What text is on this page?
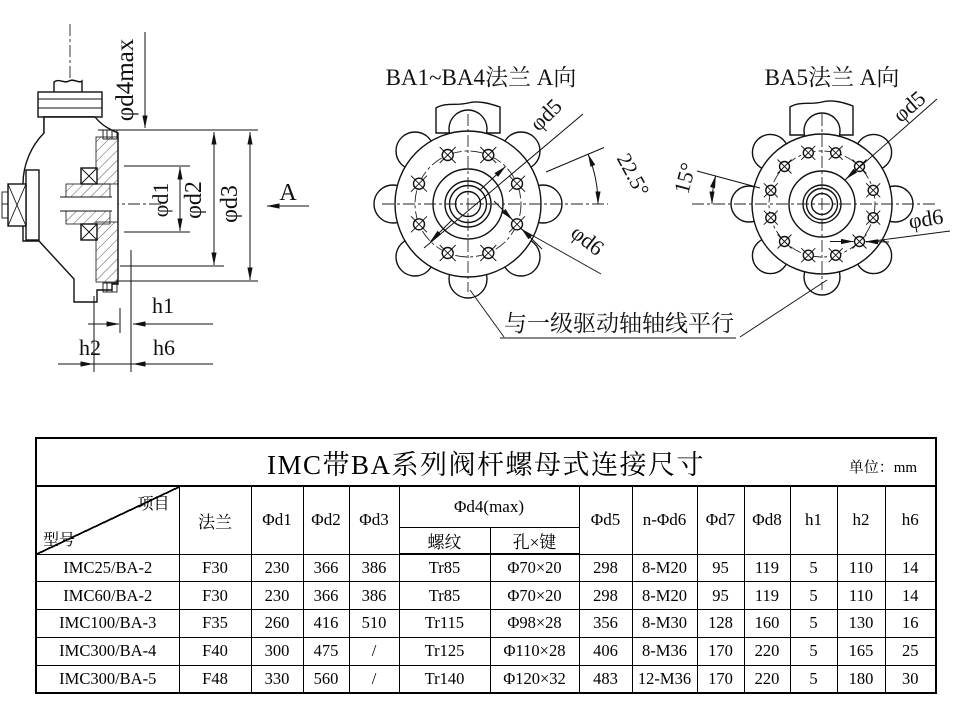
φd4max
φd1 φd2 φd3
h1
h2 h6
A
BA1~BA4法兰 A向
φd5
22.5°
φd6
BA5法兰 A向
φd5
15°
φd6
与一级驱动轴轴线平行
IMC带BA系列阀杆螺母式连接尺寸 单位：mm													

项目
型号	法兰	Φd1	Φd2	Φd3	Φd4(max)		Φd5	n-Φd6	Φd7	Φd8	h1	h2	h6
					螺纹	孔×键							
IMC25/BA-2	F30	230	366	386	Tr85	Φ70×20	298	8-M20	95	119	5	110	14
IMC60/BA-2	F30	230	366	386	Tr85	Φ70×20	298	8-M20	95	119	5	110	14
IMC100/BA-3	F35	260	416	510	Tr115	Φ98×28	356	8-M30	128	160	5	130	16
IMC300/BA-4	F40	300	475	/	Tr125	Φ110×28	406	8-M36	170	220	5	165	25
IMC300/BA-5	F48	330	560	/	Tr140	Φ120×32	483	12-M36	170	220	5	180	30
